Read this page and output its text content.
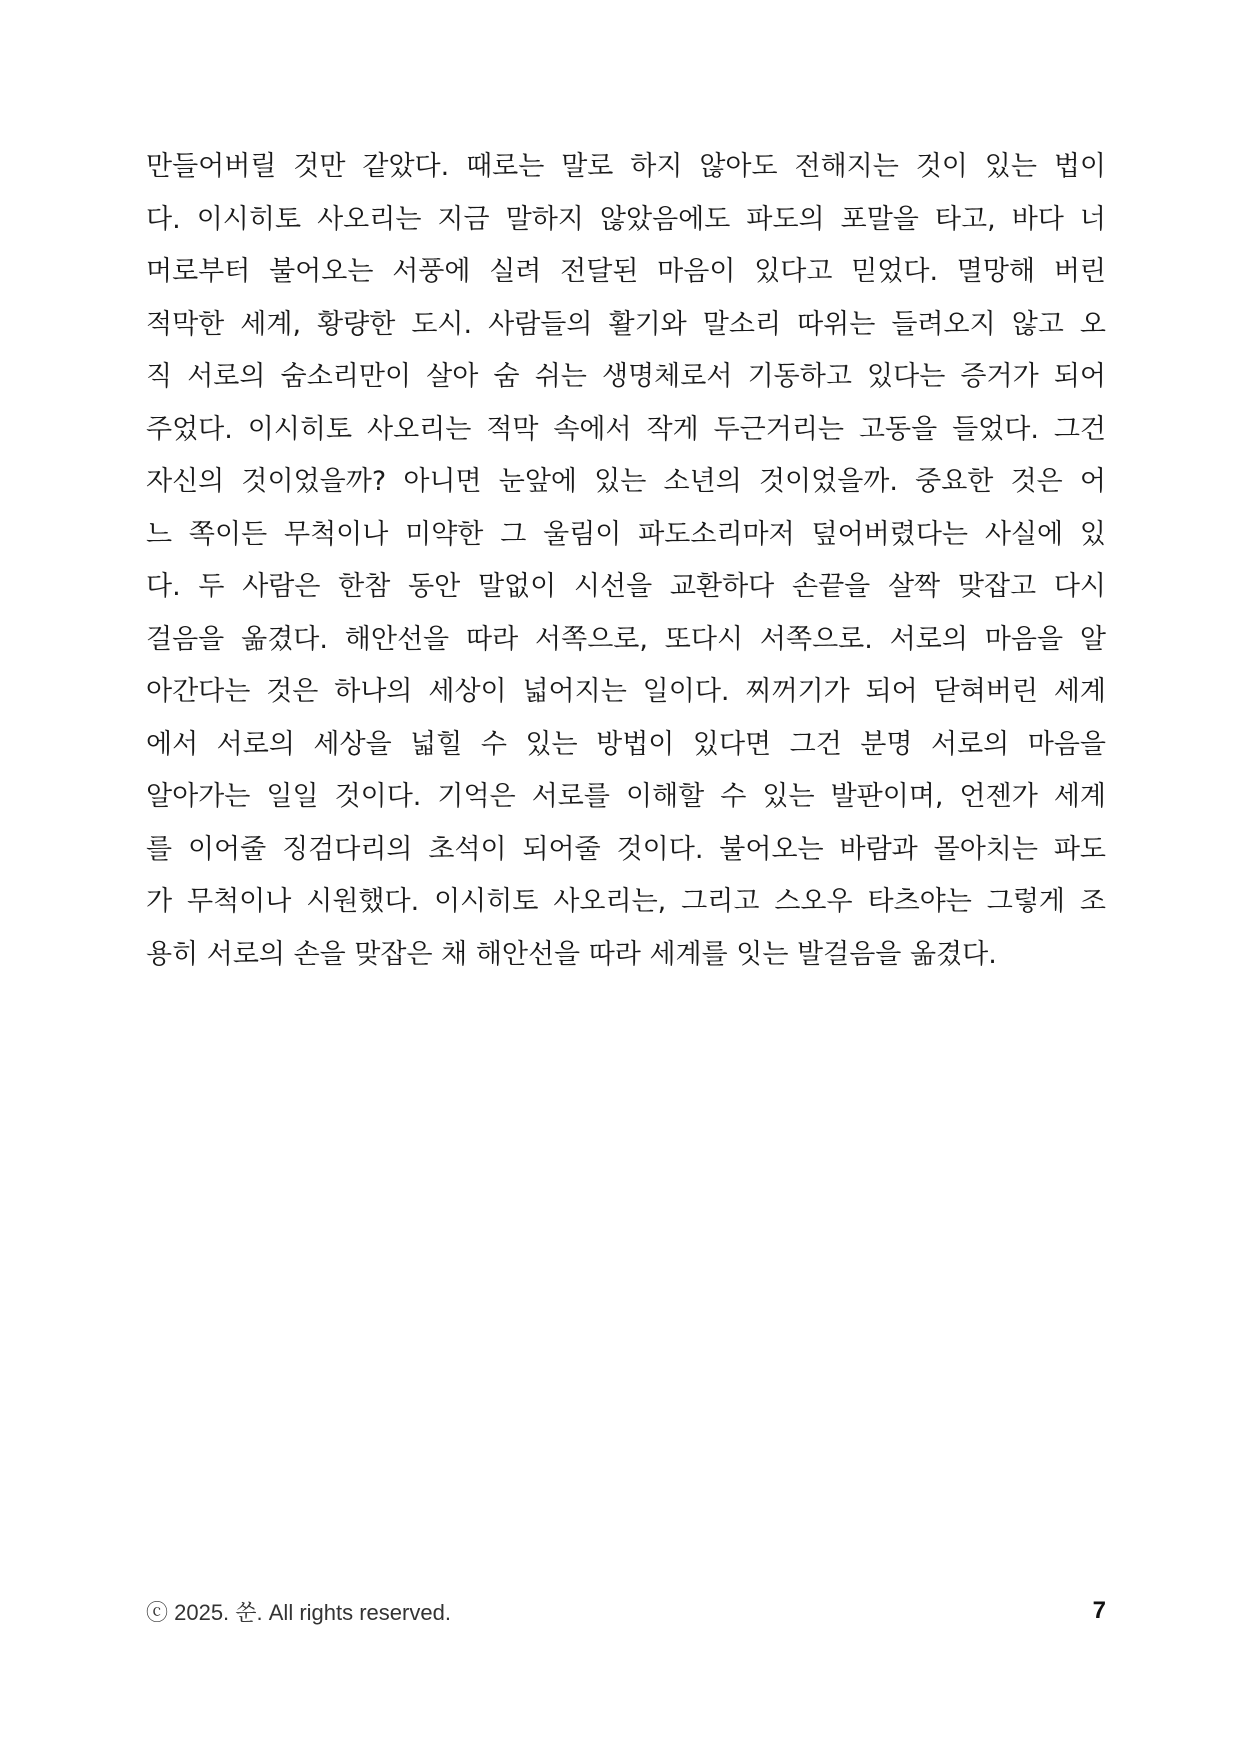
만들어버릴 것만 같았다. 때로는 말로 하지 않아도 전해지는 것이 있는 법이
다. 이시히토 사오리는 지금 말하지 않았음에도 파도의 포말을 타고, 바다 너
머로부터 불어오는 서풍에 실려 전달된 마음이 있다고 믿었다. 멸망해 버린
적막한 세계, 황량한 도시. 사람들의 활기와 말소리 따위는 들려오지 않고 오
직 서로의 숨소리만이 살아 숨 쉬는 생명체로서 기동하고 있다는 증거가 되어
주었다. 이시히토 사오리는 적막 속에서 작게 두근거리는 고동을 들었다. 그건
자신의 것이었을까? 아니면 눈앞에 있는 소년의 것이었을까. 중요한 것은 어
느 쪽이든 무척이나 미약한 그 울림이 파도소리마저 덮어버렸다는 사실에 있
다. 두 사람은 한참 동안 말없이 시선을 교환하다 손끝을 살짝 맞잡고 다시
걸음을 옮겼다. 해안선을 따라 서쪽으로, 또다시 서쪽으로. 서로의 마음을 알
아간다는 것은 하나의 세상이 넓어지는 일이다. 찌꺼기가 되어 닫혀버린 세계
에서 서로의 세상을 넓힐 수 있는 방법이 있다면 그건 분명 서로의 마음을
알아가는 일일 것이다. 기억은 서로를 이해할 수 있는 발판이며, 언젠가 세계
를 이어줄 징검다리의 초석이 되어줄 것이다. 불어오는 바람과 몰아치는 파도
가 무척이나 시원했다. 이시히토 사오리는, 그리고 스오우 타츠야는 그렇게 조
용히 서로의 손을 맞잡은 채 해안선을 따라 세계를 잇는 발걸음을 옮겼다.
ⓒ 2025. 쑨. All rights reserved.	7
